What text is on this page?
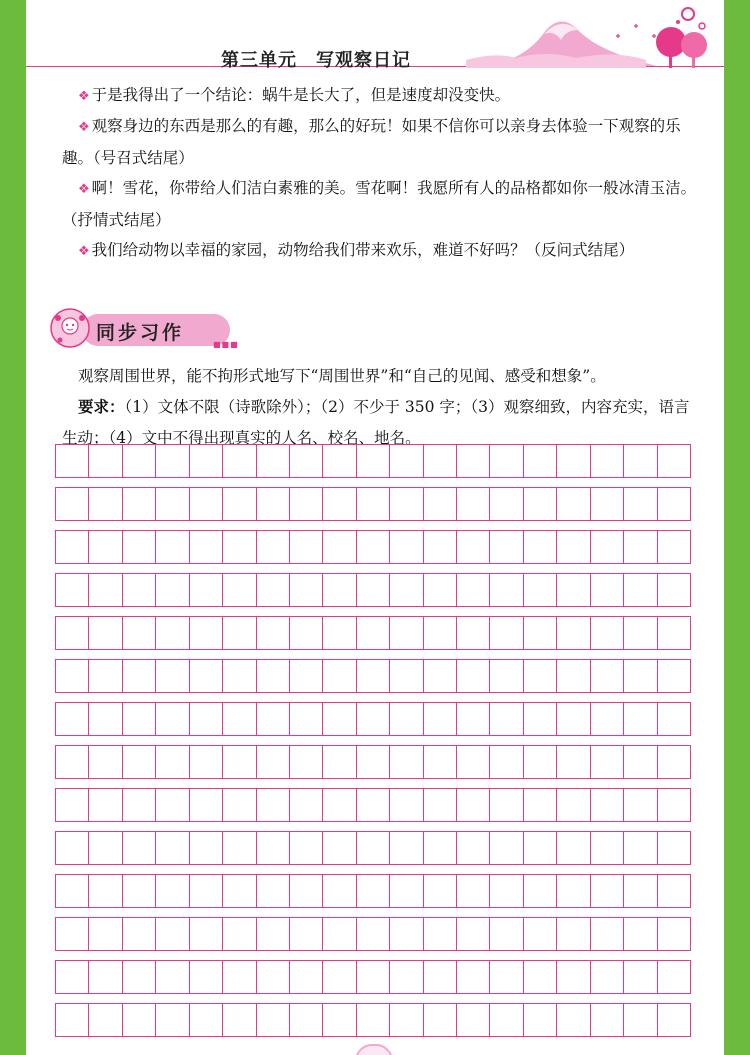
第三单元　写观察日记
❖ 于是我得出了一个结论：蜗牛是长大了，但是速度却没变快。
❖ 观察身边的东西是那么的有趣，那么的好玩！如果不信你可以亲身去体验一下观察的乐趣。（号召式结尾）
❖ 啊！雪花，你带给人们洁白素雅的美。雪花啊！我愿所有人的品格都如你一般冰清玉洁。（抒情式结尾）
❖ 我们给动物以幸福的家园，动物给我们带来欢乐，难道不好吗？（反问式结尾）
同步习作
■■■
观察周围世界，能不拘形式地写下“周围世界”和“自己的见闻、感受和想象”。
要求：（1）文体不限（诗歌除外）；（2）不少于 350 字；（3）观察细致，内容充实，语言生动；（4）文中不得出现真实的人名、校名、地名。
